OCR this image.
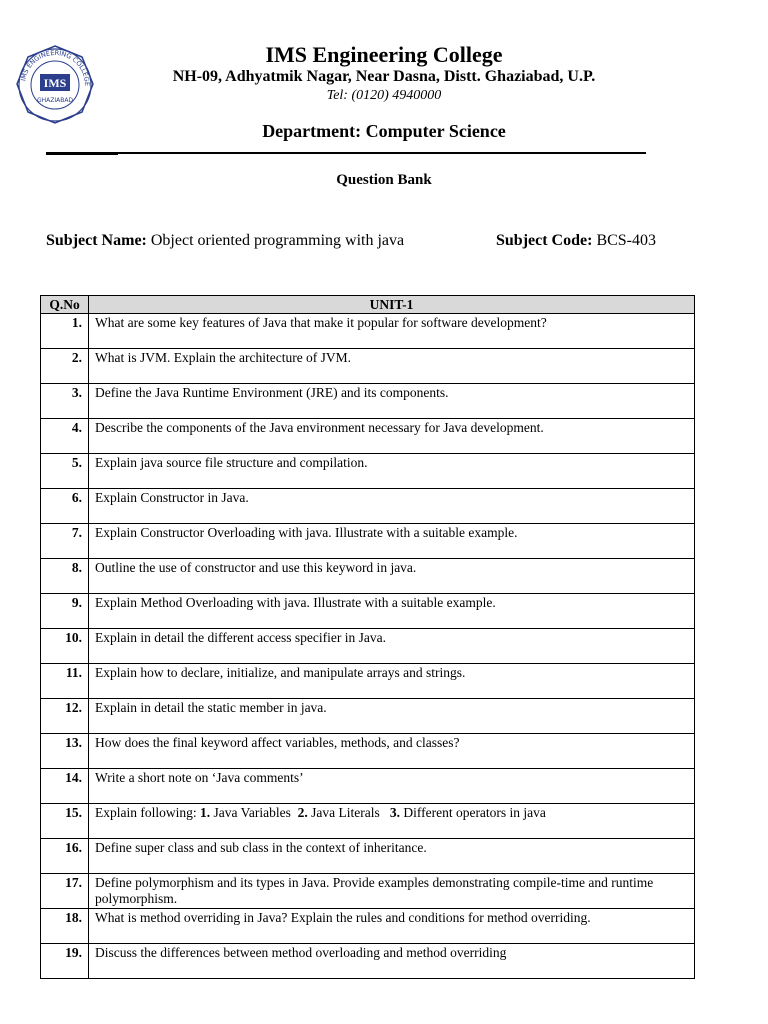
IMS ENGINEERING COLLEGE
IMS
GHAZIABAD
IMS Engineering College
NH-09, Adhyatmik Nagar, Near Dasna, Distt. Ghaziabad, U.P.
Tel: (0120) 4940000
Department: Computer Science
Question Bank
Subject Name: Object oriented programming with java	Subject Code: BCS-403
Q.No	UNIT-1
1.	What are some key features of Java that make it popular for software development?
2.	What is JVM. Explain the architecture of JVM.
3.	Define the Java Runtime Environment (JRE) and its components.
4.	Describe the components of the Java environment necessary for Java development.
5.	Explain java source file structure and compilation.
6.	Explain Constructor in Java.
7.	Explain Constructor Overloading with java. Illustrate with a suitable example.
8.	Outline the use of constructor and use this keyword in java.
9.	Explain Method Overloading with java. Illustrate with a suitable example.
10.	Explain in detail the different access specifier in Java.
11.	Explain how to declare, initialize, and manipulate arrays and strings.
12.	Explain in detail the static member in java.
13.	How does the final keyword affect variables, methods, and classes?
14.	Write a short note on ‘Java comments’
15.	Explain following: 1. Java Variables  2. Java Literals   3. Different operators in java
16.	Define super class and sub class in the context of inheritance.
17.	Define polymorphism and its types in Java. Provide examples demonstrating compile-time and runtime polymorphism.
18.	What is method overriding in Java? Explain the rules and conditions for method overriding.
19.	Discuss the differences between method overloading and method overriding
